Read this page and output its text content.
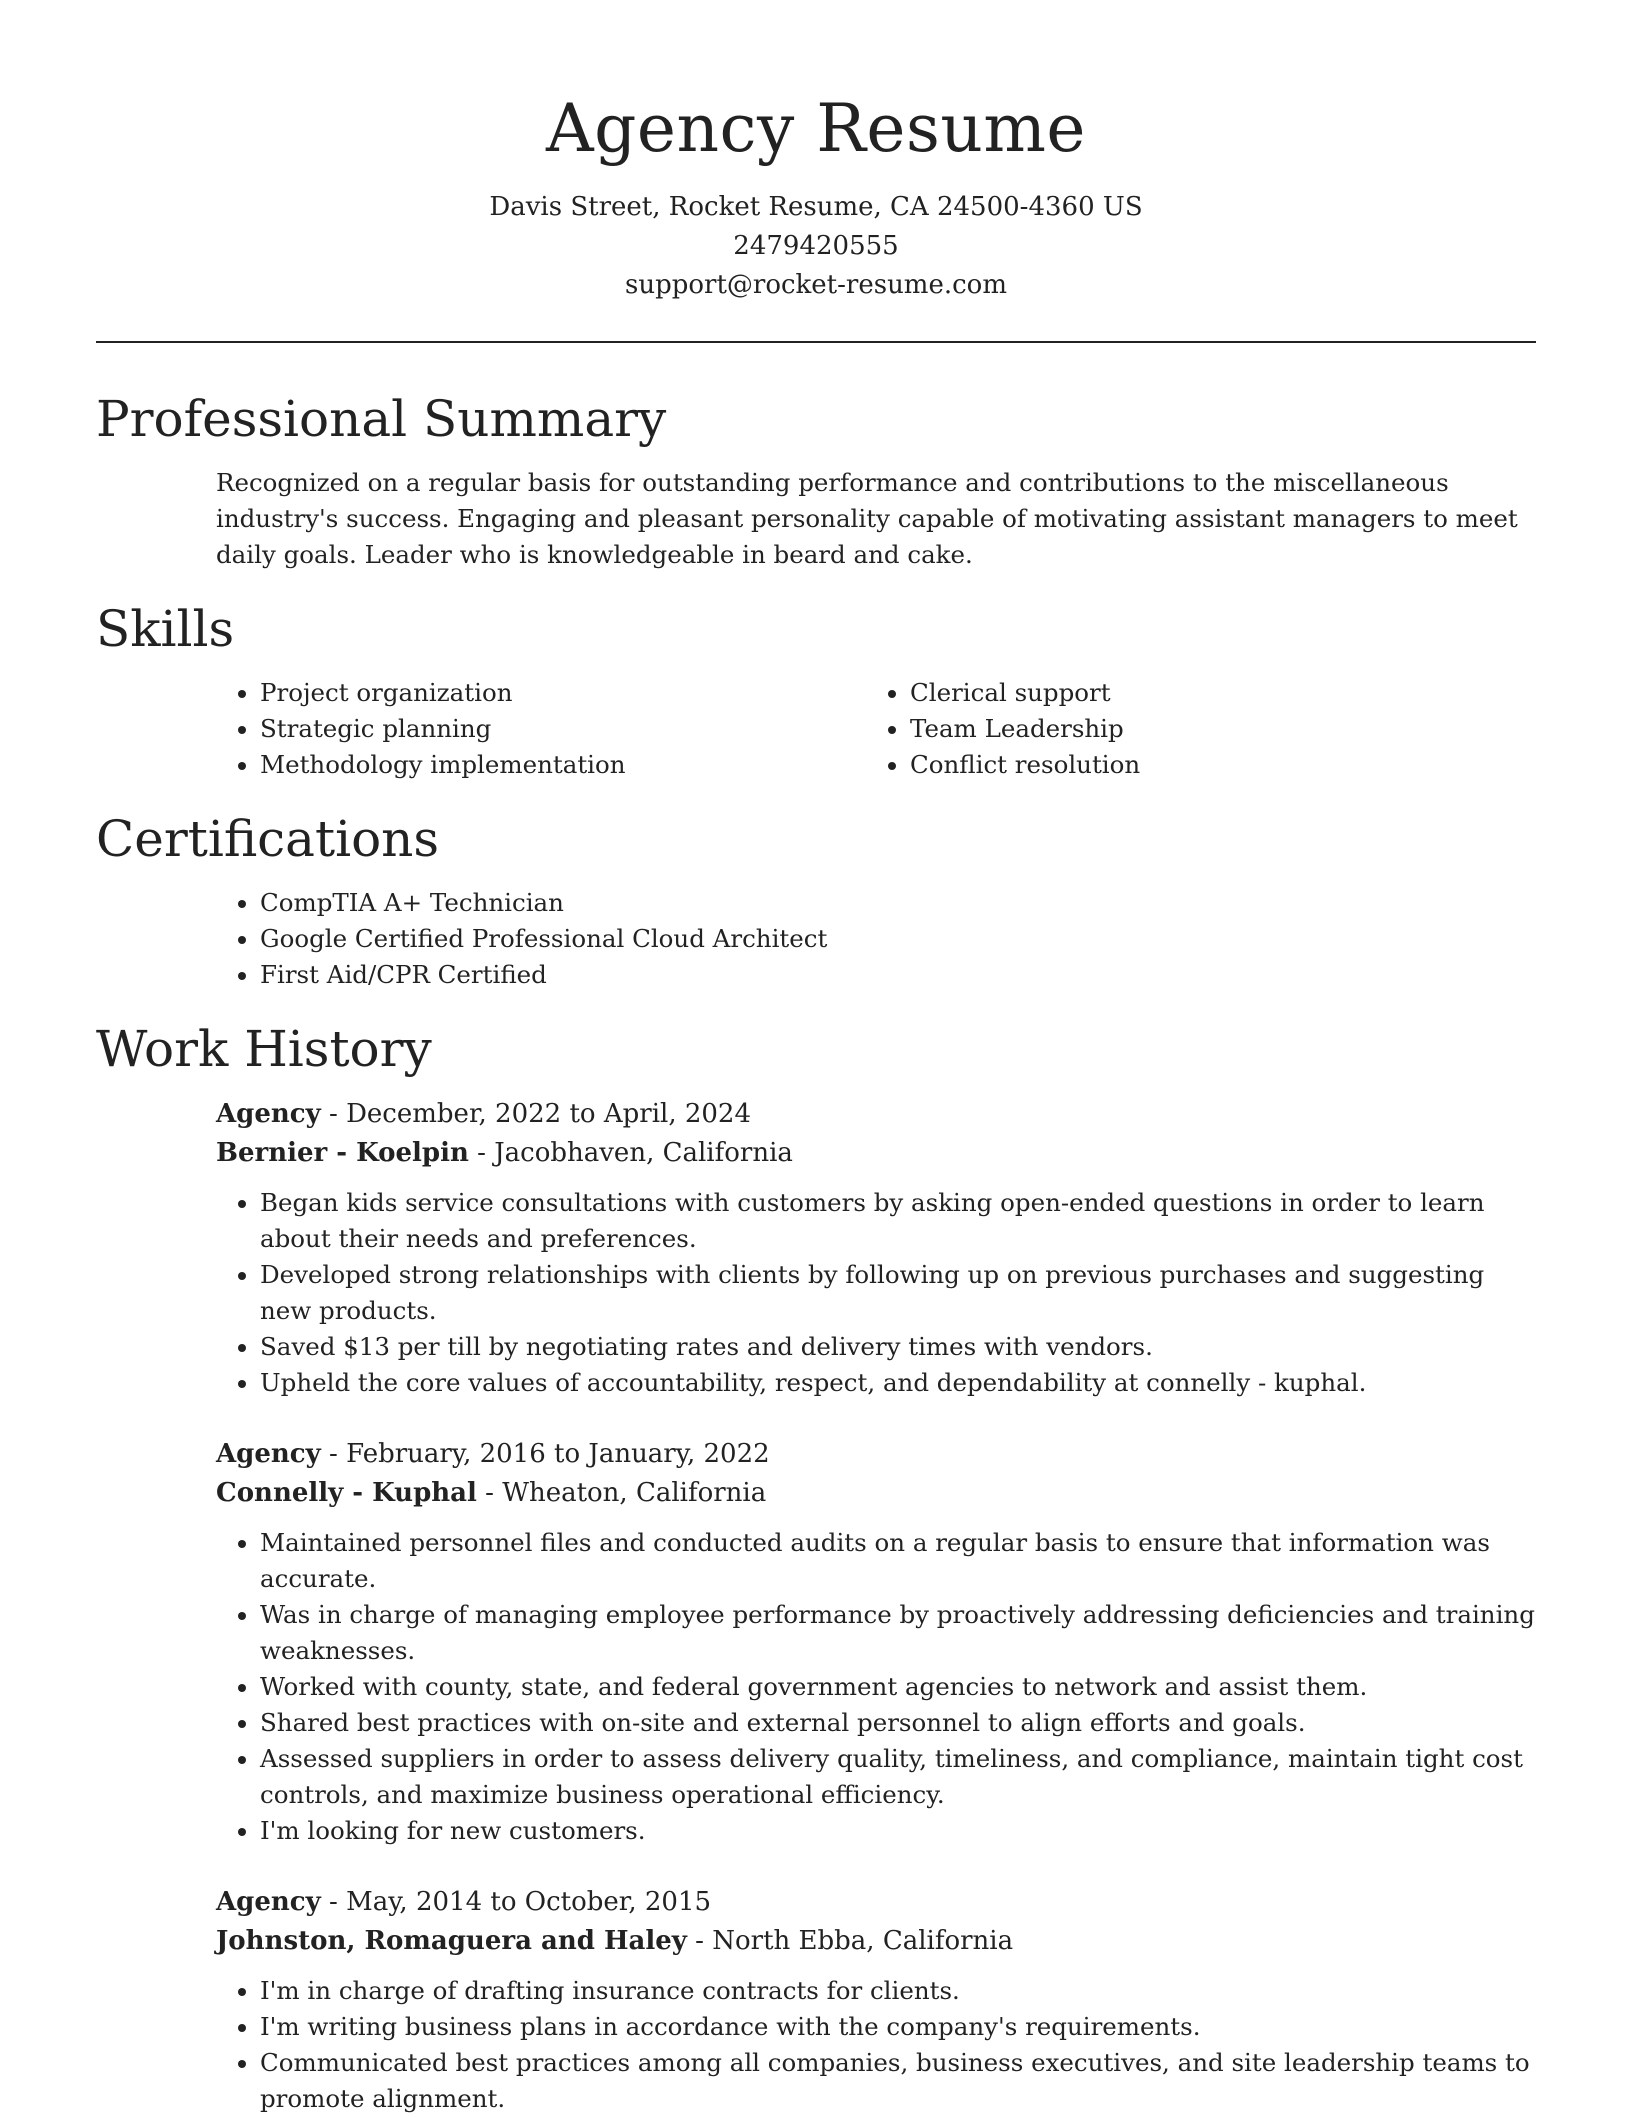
Agency Resume
Davis Street, Rocket Resume, CA 24500-4360 US
2479420555
support@rocket-resume.com
Professional Summary
Recognized on a regular basis for outstanding performance and contributions to the miscellaneous industry's success. Engaging and pleasant personality capable of motivating assistant managers to meet daily goals. Leader who is knowledgeable in beard and cake.
Skills
• Project organization
• Strategic planning
• Methodology implementation
• Clerical support
• Team Leadership
• Conflict resolution
Certifications
• CompTIA A+ Technician
• Google Certified Professional Cloud Architect
• First Aid/CPR Certified
Work History
Agency - December, 2022 to April, 2024
Bernier - Koelpin - Jacobhaven, California
• Began kids service consultations with customers by asking open-ended questions in order to learn about their needs and preferences.
• Developed strong relationships with clients by following up on previous purchases and suggesting new products.
• Saved $13 per till by negotiating rates and delivery times with vendors.
• Upheld the core values of accountability, respect, and dependability at connelly - kuphal.
Agency - February, 2016 to January, 2022
Connelly - Kuphal - Wheaton, California
• Maintained personnel files and conducted audits on a regular basis to ensure that information was accurate.
• Was in charge of managing employee performance by proactively addressing deficiencies and training weaknesses.
• Worked with county, state, and federal government agencies to network and assist them.
• Shared best practices with on-site and external personnel to align efforts and goals.
• Assessed suppliers in order to assess delivery quality, timeliness, and compliance, maintain tight cost controls, and maximize business operational efficiency.
• I'm looking for new customers.
Agency - May, 2014 to October, 2015
Johnston, Romaguera and Haley - North Ebba, California
• I'm in charge of drafting insurance contracts for clients.
• I'm writing business plans in accordance with the company's requirements.
• Communicated best practices among all companies, business executives, and site leadership teams to promote alignment.
